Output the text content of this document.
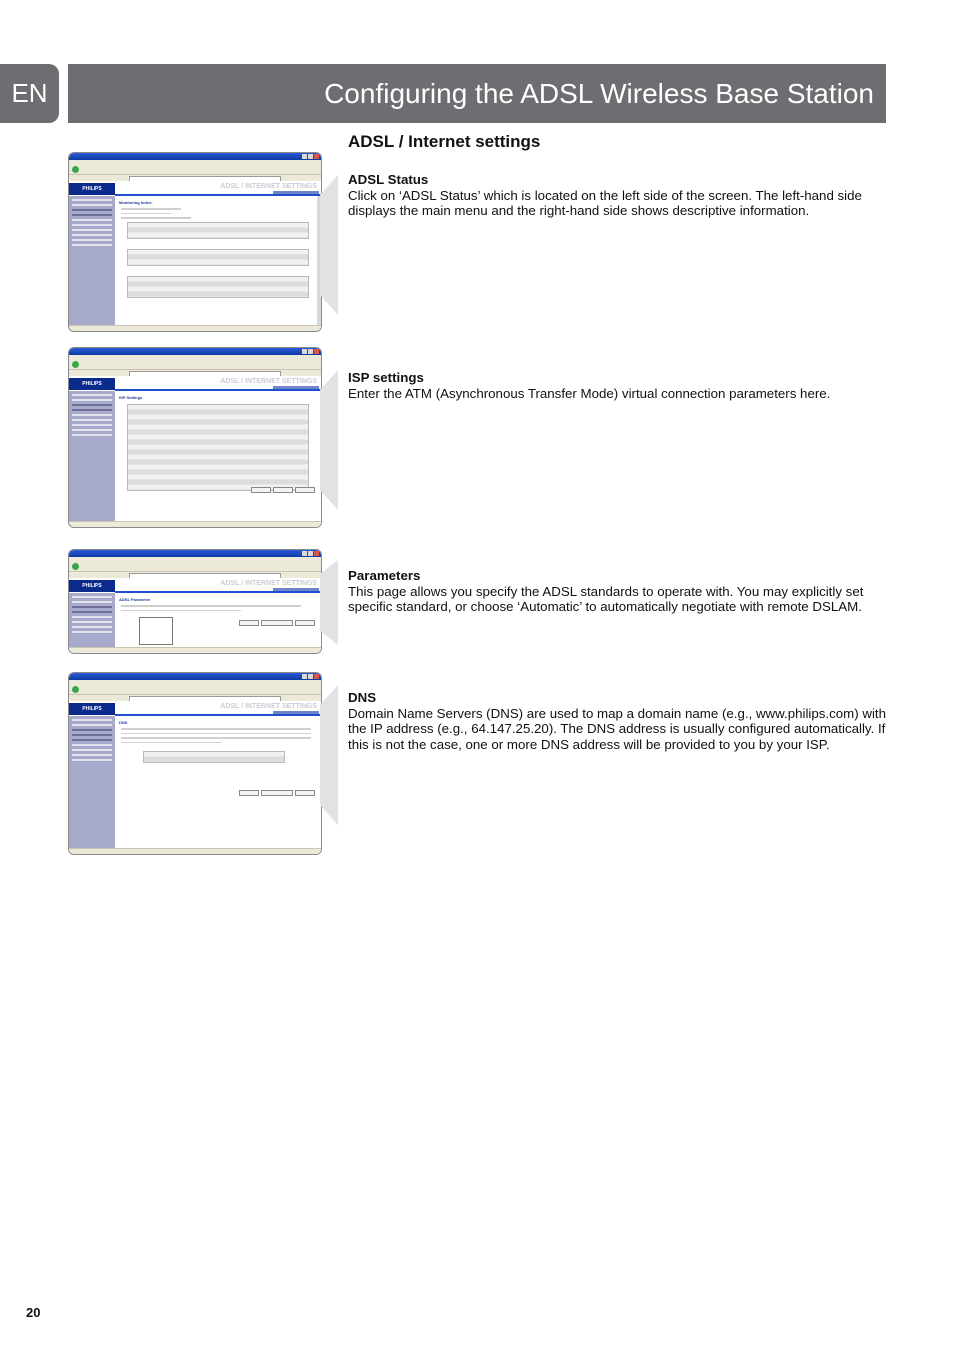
EN	Configuring the ADSL Wireless Base Station
ADSL / Internet settings
ADSL Status
Click on ‘ADSL Status’ which is located on the left side of the screen. The left-hand side displays the main menu and the right-hand side shows descriptive information.
ISP settings
Enter the ATM (Asynchronous Transfer Mode) virtual connection parameters here.
Parameters
This page allows you specify the ADSL standards to operate with. You may explicitly set specific standard, or choose ‘Automatic’ to automatically negotiate with remote DSLAM.
DNS
Domain Name Servers (DNS) are used to map a domain name (e.g., www.philips.com) with the IP address (e.g., 64.147.25.20). The DNS address is usually configured automatically. If this is not the case, one or more DNS address will be provided to you by your ISP.
PHILIPS	ADSL / INTERNET SETTINGS
Monitoring Index:
PHILIPS	ADSL / INTERNET SETTINGS
ISP Settings
PHILIPS	ADSL / INTERNET SETTINGS
ADSL Parameter
PHILIPS	ADSL / INTERNET SETTINGS
DNS
20
